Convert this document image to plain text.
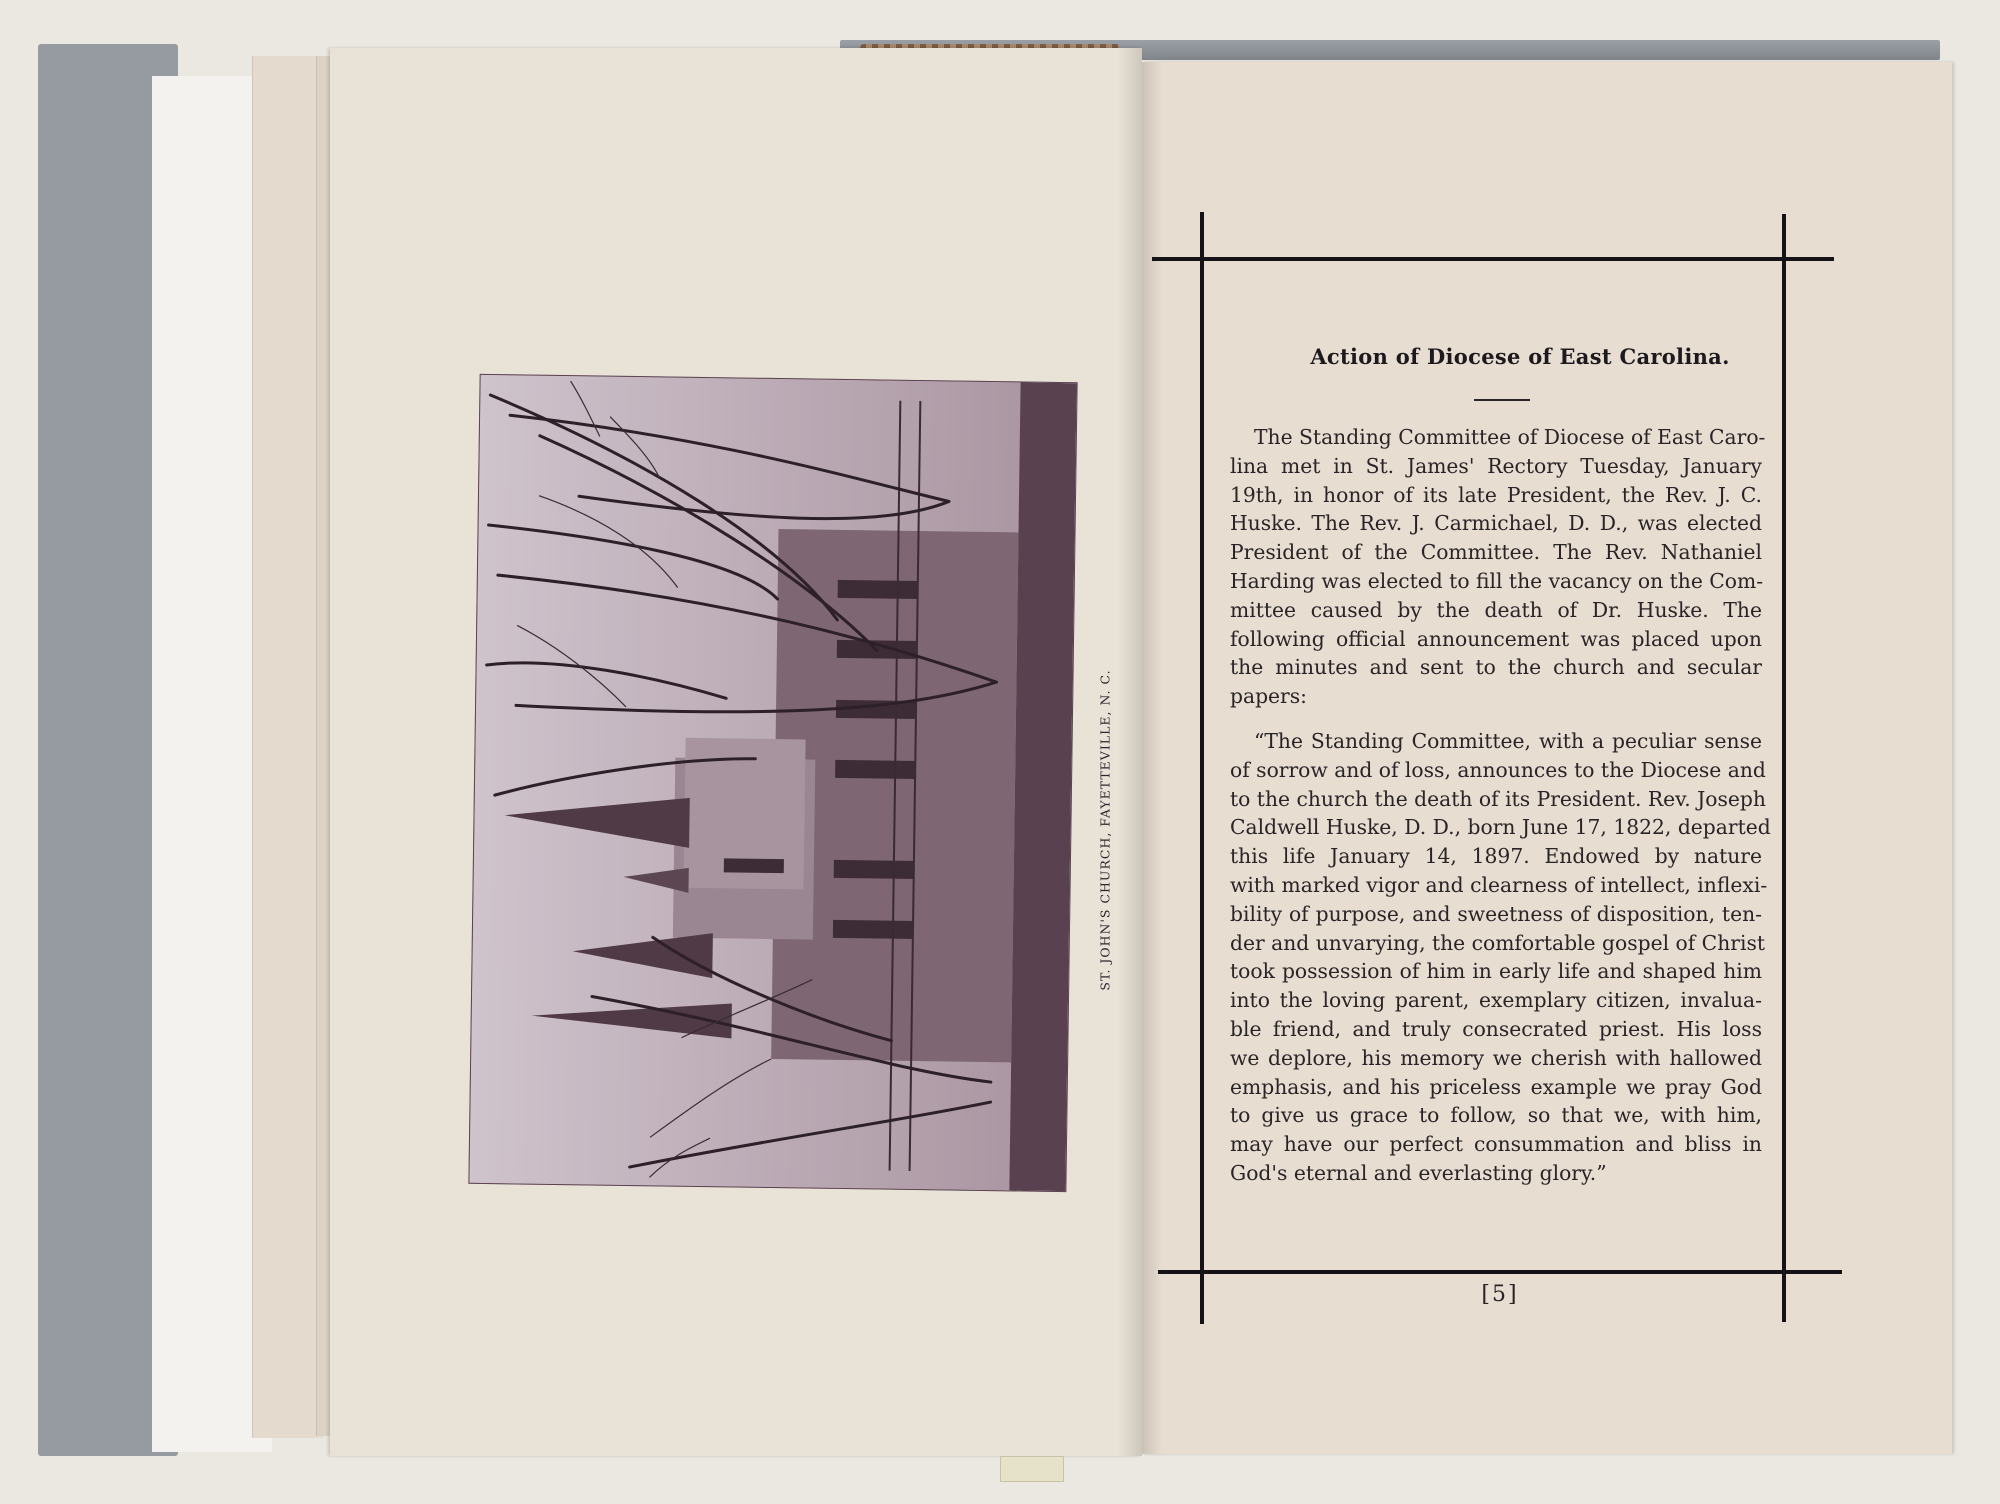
ST. JOHN'S CHURCH, FAYETTEVILLE, N. C.
Action of Diocese of East Carolina.
The Standing Committee of Diocese of East Caro-
lina met in St. James' Rectory Tuesday, January
19th, in honor of its late President, the Rev. J. C.
Huske. The Rev. J. Carmichael, D. D., was elected
President of the Committee. The Rev. Nathaniel
Harding was elected to fill the vacancy on the Com-
mittee caused by the death of Dr. Huske. The
following official announcement was placed upon
the minutes and sent to the church and secular
papers:
“The Standing Committee, with a peculiar sense
of sorrow and of loss, announces to the Diocese and
to the church the death of its President. Rev. Joseph
Caldwell Huske, D. D., born June 17, 1822, departed
this life January 14, 1897. Endowed by nature
with marked vigor and clearness of intellect, inflexi-
bility of purpose, and sweetness of disposition, ten-
der and unvarying, the comfortable gospel of Christ
took possession of him in early life and shaped him
into the loving parent, exemplary citizen, invalua-
ble friend, and truly consecrated priest. His loss
we deplore, his memory we cherish with hallowed
emphasis, and his priceless example we pray God
to give us grace to follow, so that we, with him,
may have our perfect consummation and bliss in
God's eternal and everlasting glory.”
[5]
